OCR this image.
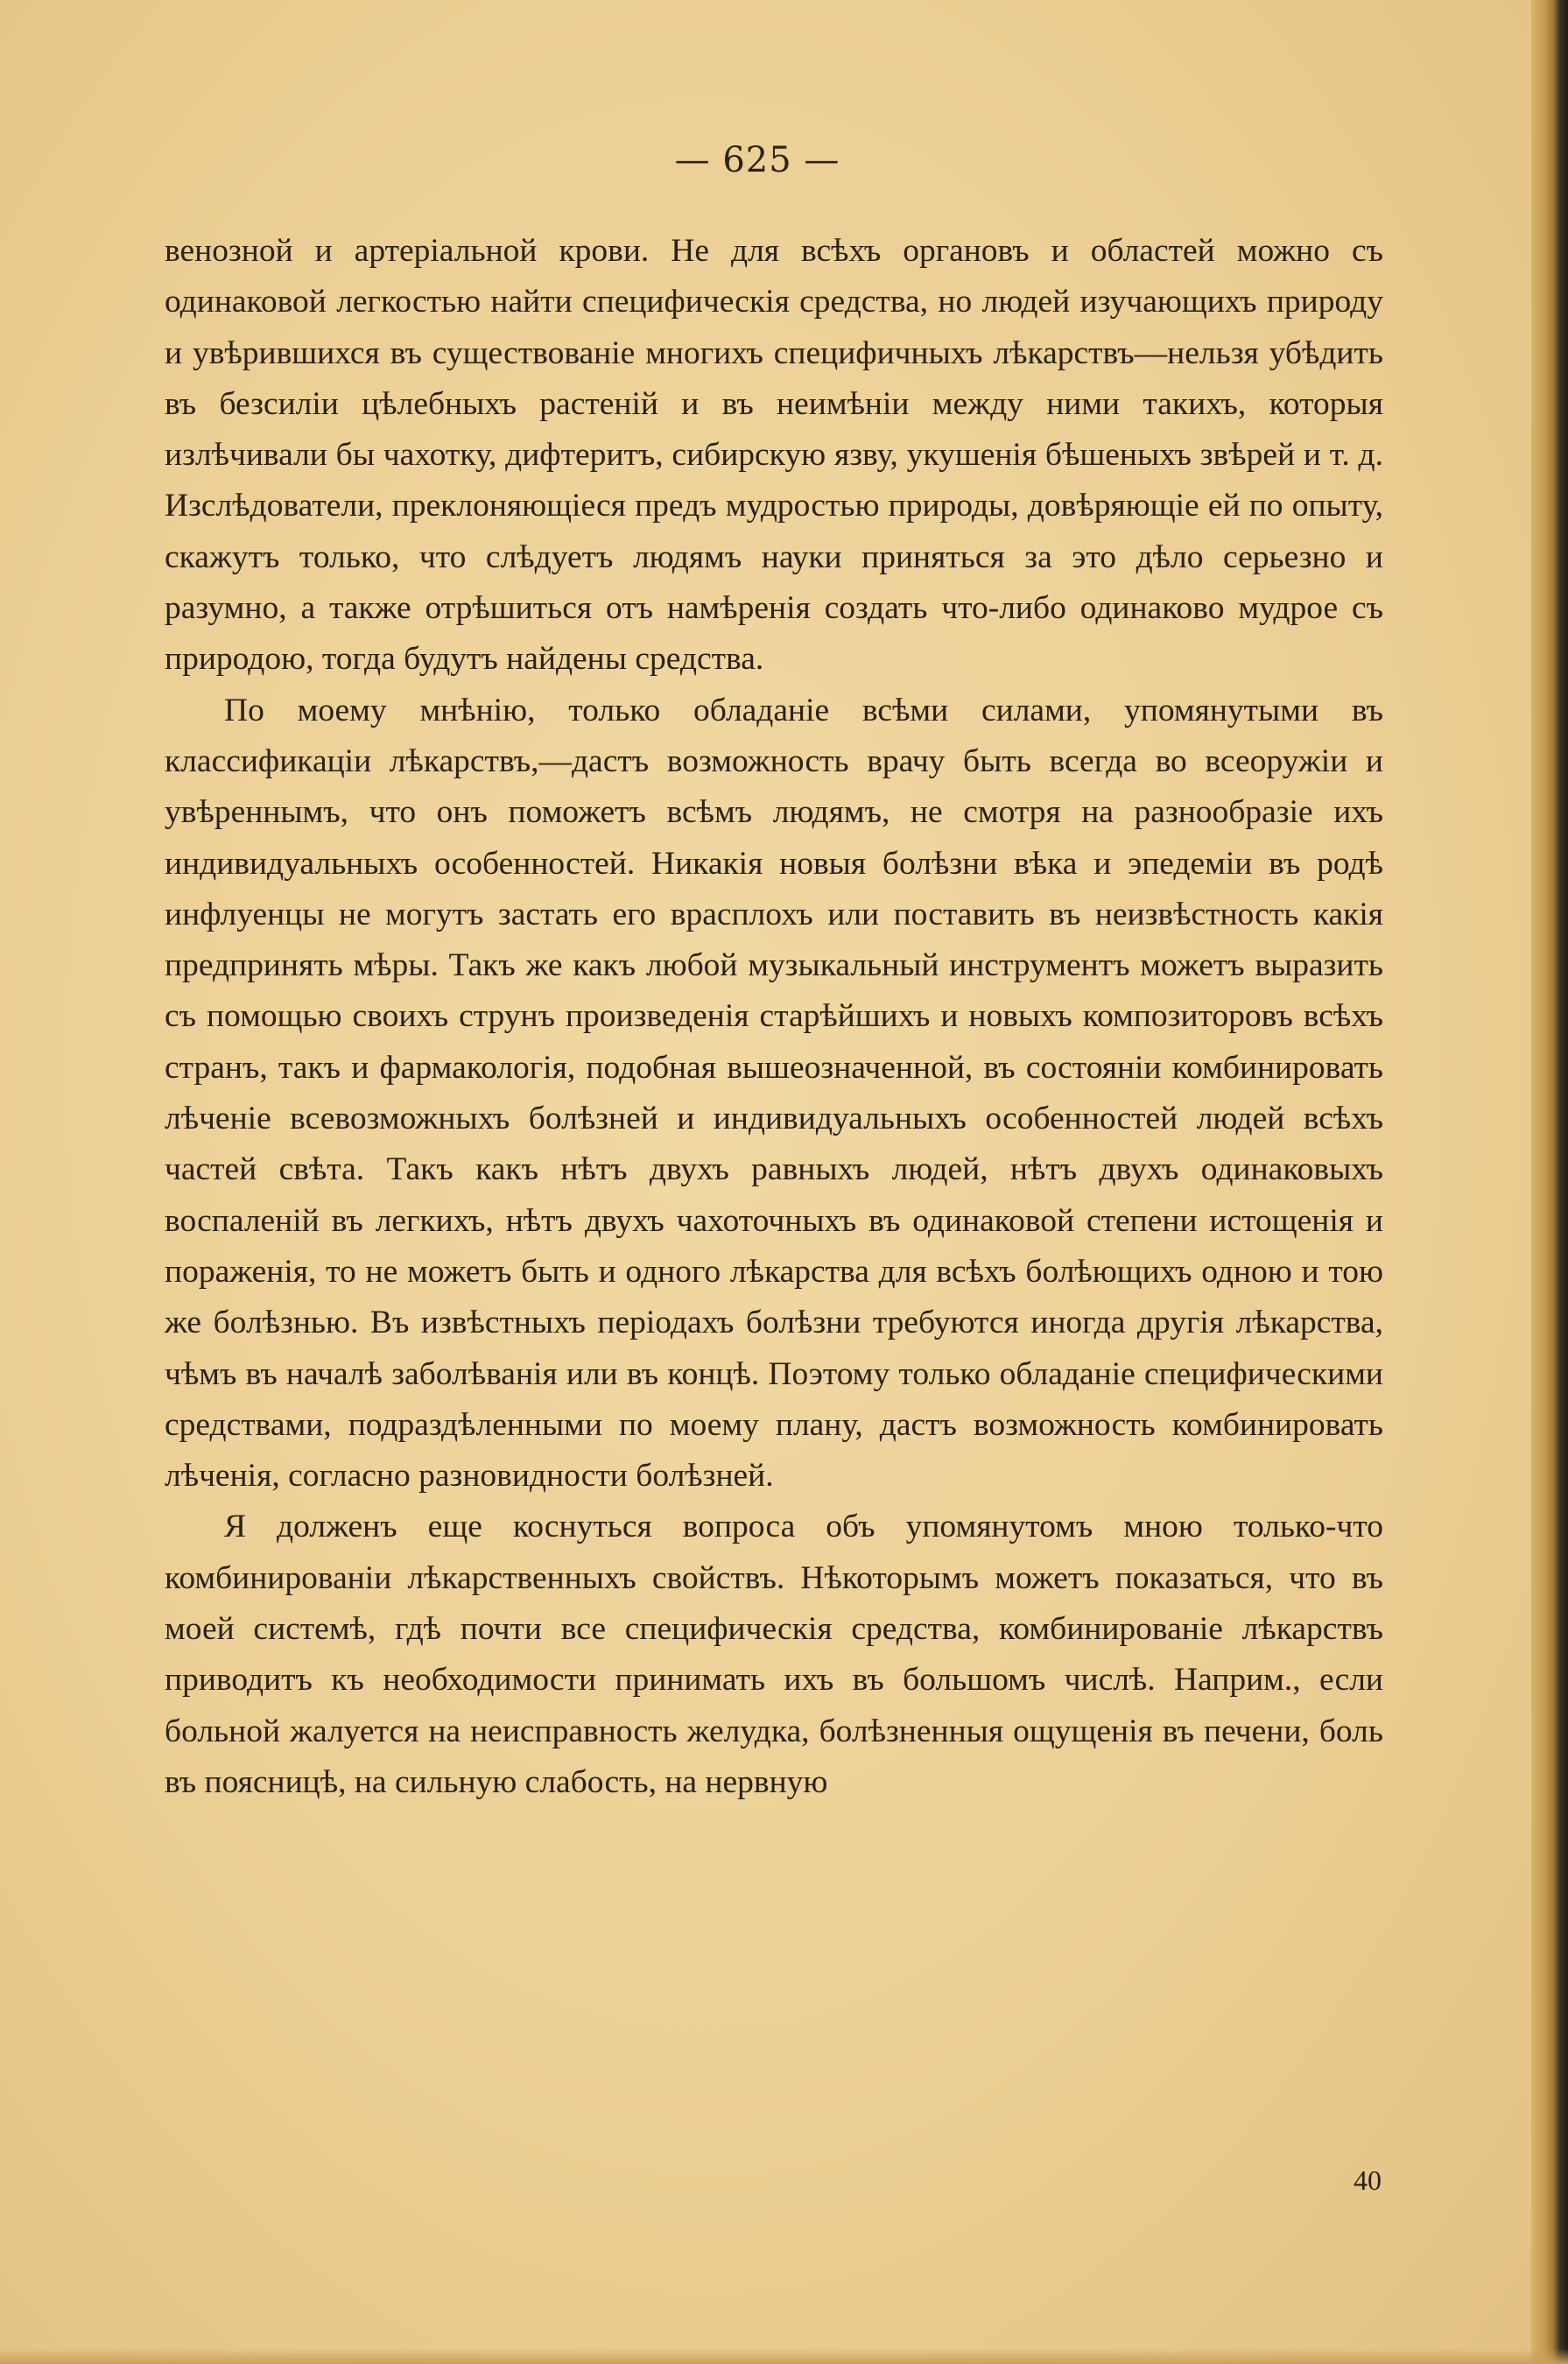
— 625 —

венозной и артеріальной крови. Не для всѣхъ органовъ и областей можно съ одинаковой легкостью найти специфическія средства, но людей изучающихъ природу и увѣрившихся въ существованіе многихъ специфичныхъ лѣкарствъ—нельзя убѣдить въ безсиліи цѣлебныхъ растеній и въ неимѣніи между ними такихъ, которыя излѣчивали бы чахотку, дифтеритъ, сибирскую язву, укушенія бѣшеныхъ звѣрей и т. д. Изслѣдователи, преклоняющіеся предъ мудростью природы, довѣряющіе ей по опыту, скажутъ только, что слѣдуетъ людямъ науки приняться за это дѣло серьезно и разумно, а также отрѣшиться отъ намѣренія создать что-либо одинаково мудрое съ природою, тогда будутъ найдены средства.

По моему мнѣнію, только обладаніе всѣми силами, упомянутыми въ классификаціи лѣкарствъ,—дастъ возможность врачу быть всегда во всеоружіи и увѣреннымъ, что онъ поможетъ всѣмъ людямъ, не смотря на разнообразіе ихъ индивидуальныхъ особенностей. Никакія новыя болѣзни вѣка и эпедеміи въ родѣ инфлуенцы не могутъ застать его врасплохъ или поставить въ неизвѣстность какія предпринять мѣры. Такъ же какъ любой музыкальный инструментъ можетъ выразить съ помощью своихъ струнъ произведенія старѣйшихъ и новыхъ композиторовъ всѣхъ странъ, такъ и фармакологія, подобная вышеозначенной, въ состояніи комбинировать лѣченіе всевозможныхъ болѣзней и индивидуальныхъ особенностей людей всѣхъ частей свѣта. Такъ какъ нѣтъ двухъ равныхъ людей, нѣтъ двухъ одинаковыхъ воспаленій въ легкихъ, нѣтъ двухъ чахоточныхъ въ одинаковой степени истощенія и пораженія, то не можетъ быть и одного лѣкарства для всѣхъ болѣющихъ одною и тою же болѣзнью. Въ извѣстныхъ періодахъ болѣзни требуются иногда другія лѣкарства, чѣмъ въ началѣ заболѣванія или въ концѣ. Поэтому только обладаніе специфическими средствами, подраздѣленными по моему плану, дастъ возможность комбинировать лѣченія, согласно разновидности болѣзней.

Я долженъ еще коснуться вопроса объ упомянутомъ мною только-что комбинированіи лѣкарственныхъ свойствъ. Нѣкоторымъ можетъ показаться, что въ моей системѣ, гдѣ почти все специфическія средства, комбинированіе лѣкарствъ приводитъ къ необходимости принимать ихъ въ большомъ числѣ. Наприм., если больной жалуется на неисправность желудка, болѣзненныя ощущенія въ печени, боль въ поясницѣ, на сильную слабость, на нервную

40
